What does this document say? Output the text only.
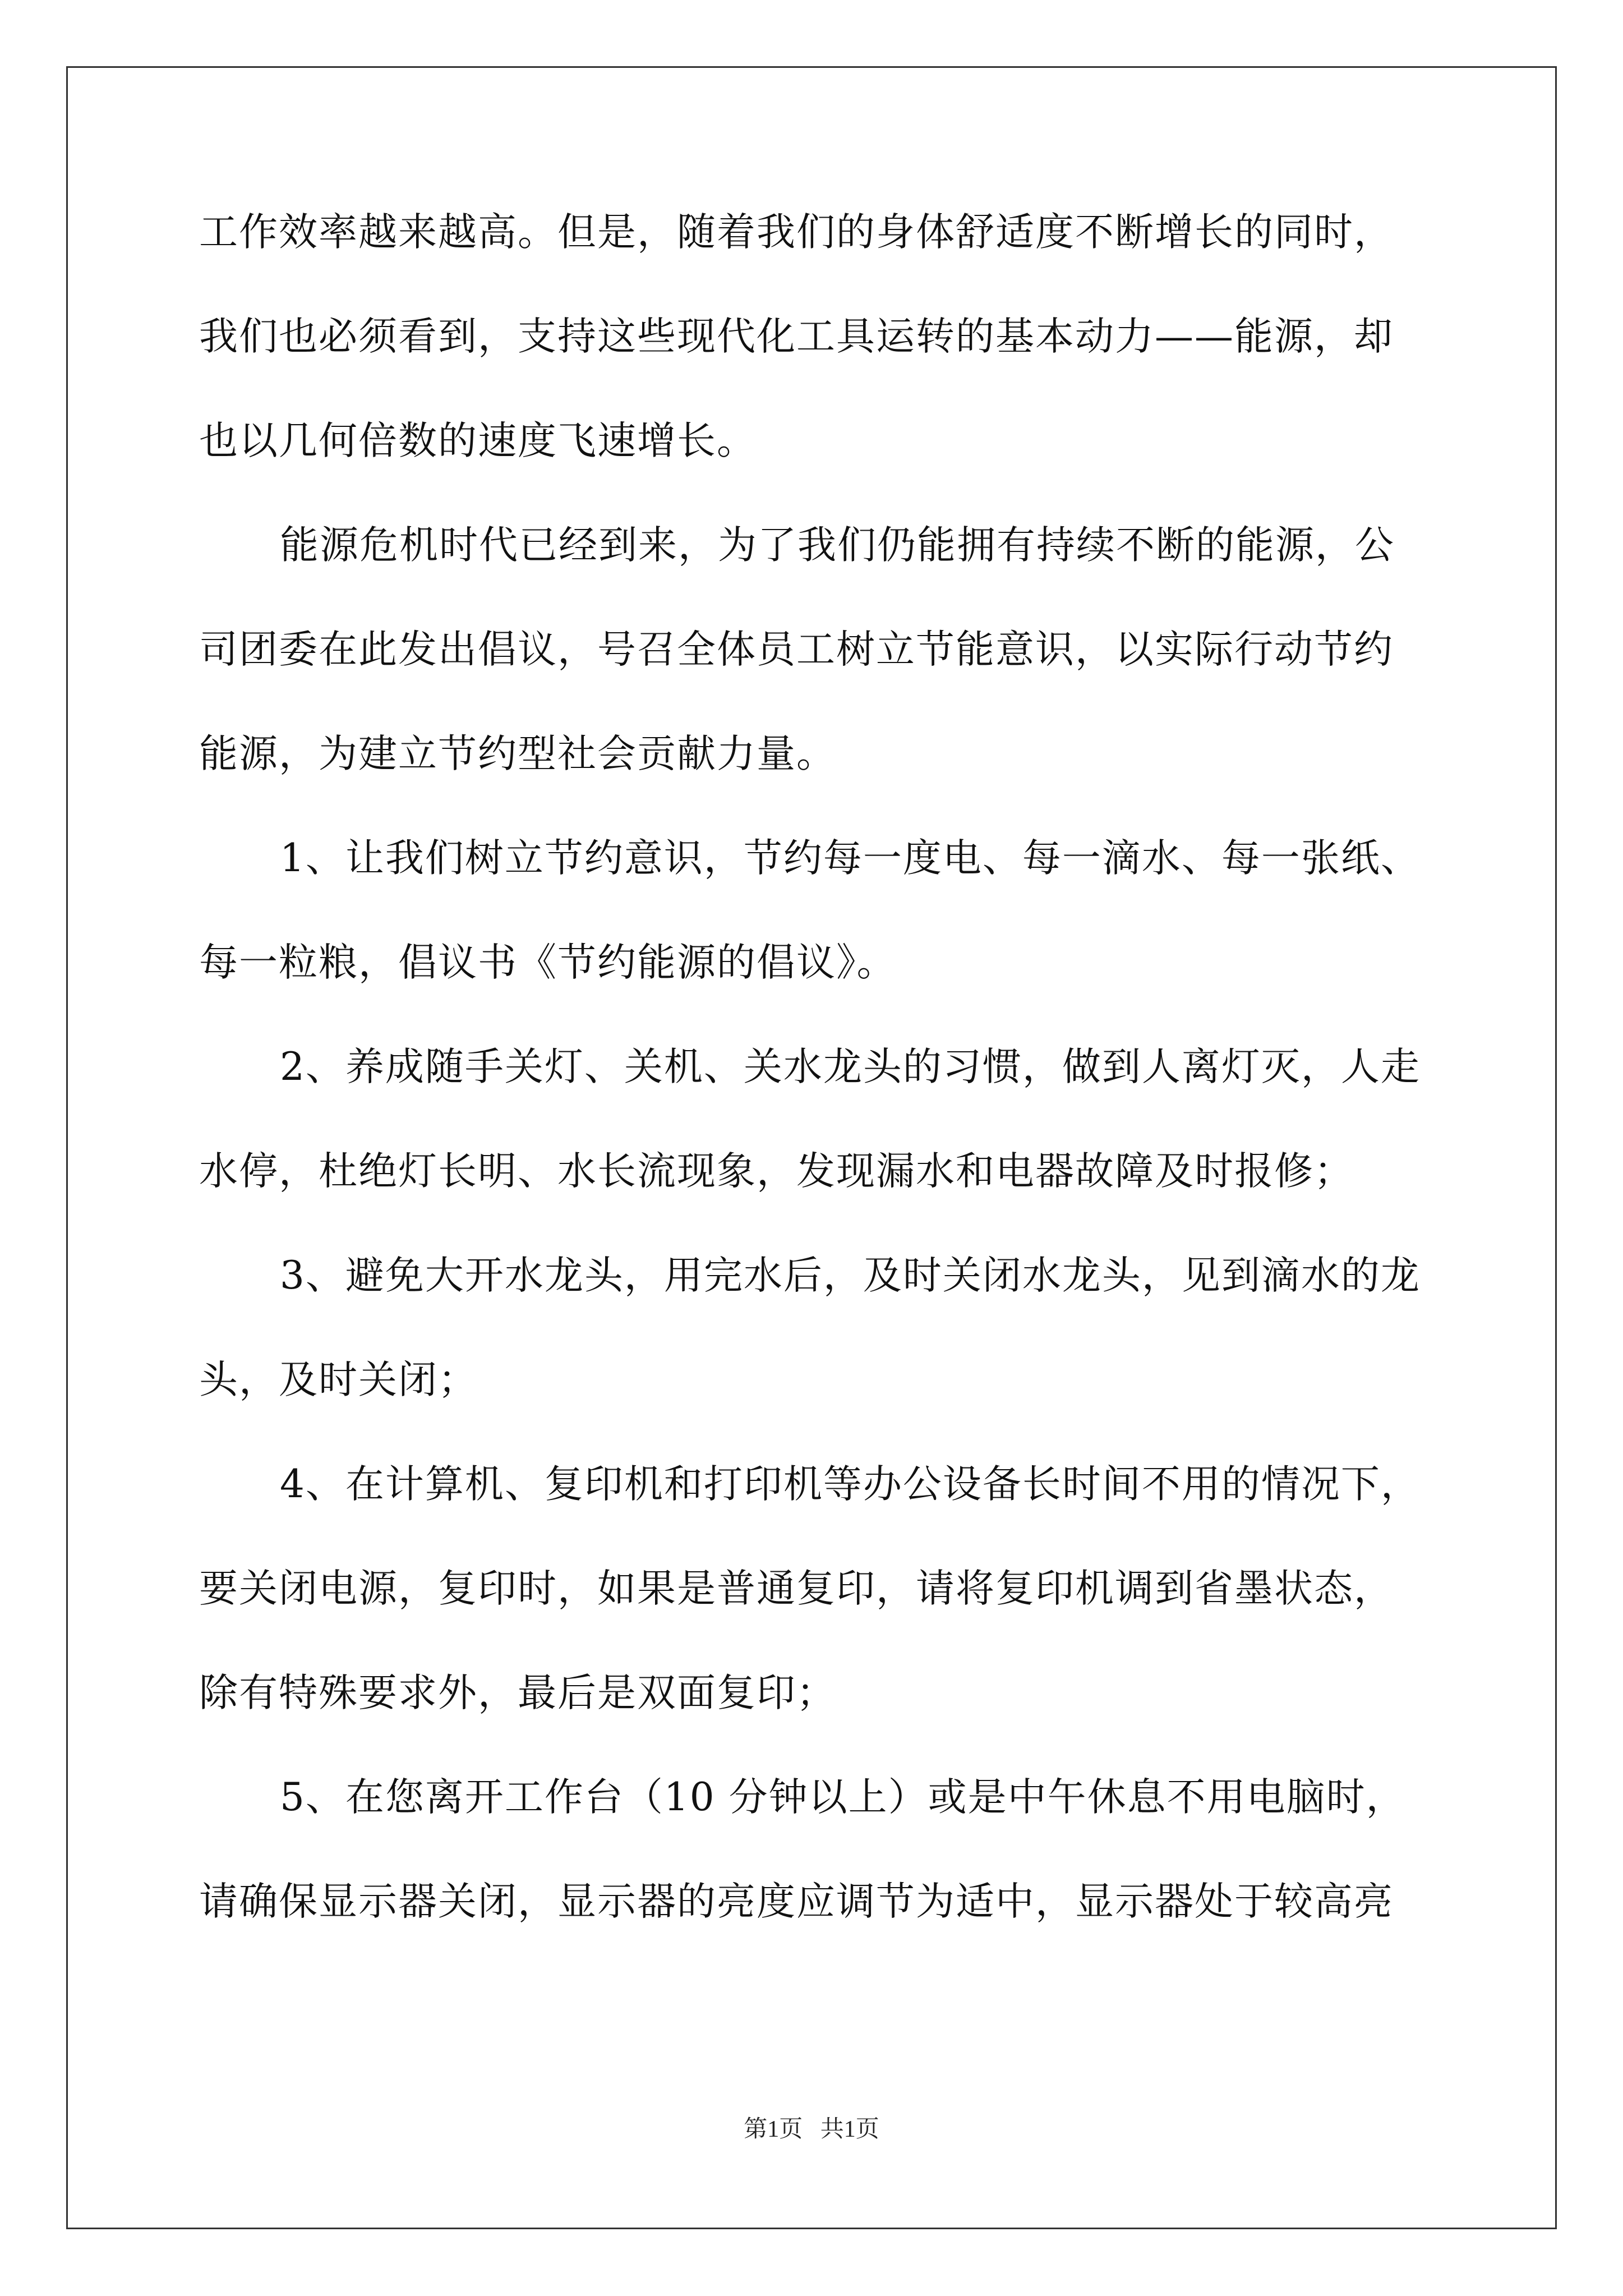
工作效率越来越高。但是，随着我们的身体舒适度不断增长的同时，
我们也必须看到，支持这些现代化工具运转的基本动力——能源，却
也以几何倍数的速度飞速增长。
能源危机时代已经到来，为了我们仍能拥有持续不断的能源，公
司团委在此发出倡议，号召全体员工树立节能意识，以实际行动节约
能源，为建立节约型社会贡献力量。
1、让我们树立节约意识，节约每一度电、每一滴水、每一张纸、
每一粒粮，倡议书《节约能源的倡议》。
2、养成随手关灯、关机、关水龙头的习惯，做到人离灯灭，人走
水停，杜绝灯长明、水长流现象，发现漏水和电器故障及时报修；
3、避免大开水龙头，用完水后，及时关闭水龙头，见到滴水的龙
头，及时关闭；
4、在计算机、复印机和打印机等办公设备长时间不用的情况下，
要关闭电源，复印时，如果是普通复印，请将复印机调到省墨状态，
除有特殊要求外，最后是双面复印；
5、在您离开工作台（10 分钟以上）或是中午休息不用电脑时，
请确保显示器关闭，显示器的亮度应调节为适中，显示器处于较高亮
第1页   共1页
